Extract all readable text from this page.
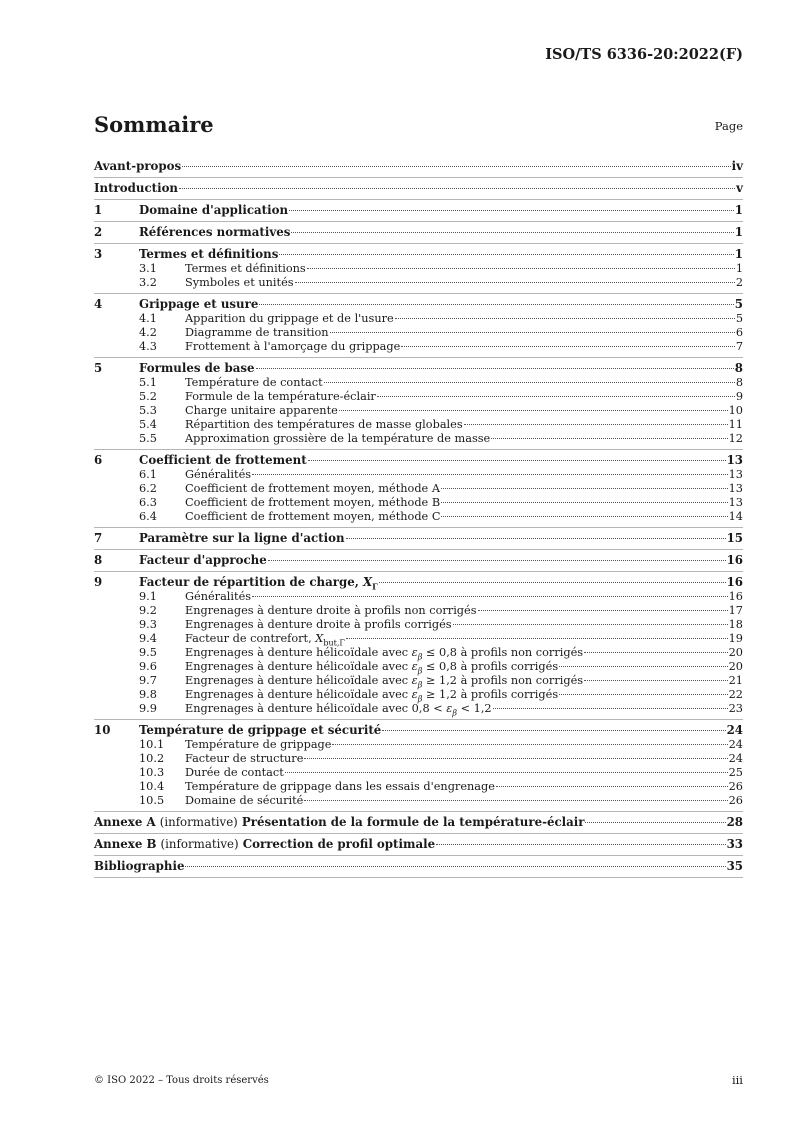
ISO/TS 6336-20:2022(F)
Sommaire	Page
Avant-propos	iv
Introduction	v
1	Domaine d'application	1
2	Références normatives	1
3	Termes et définitions	1
3.1	Termes et définitions	1
3.2	Symboles et unités	2
4	Grippage et usure	5
4.1	Apparition du grippage et de l'usure	5
4.2	Diagramme de transition	6
4.3	Frottement à l'amorçage du grippage	7
5	Formules de base	8
5.1	Température de contact	8
5.2	Formule de la température-éclair	9
5.3	Charge unitaire apparente	10
5.4	Répartition des températures de masse globales	11
5.5	Approximation grossière de la température de masse	12
6	Coefficient de frottement	13
6.1	Généralités	13
6.2	Coefficient de frottement moyen, méthode A	13
6.3	Coefficient de frottement moyen, méthode B	13
6.4	Coefficient de frottement moyen, méthode C	14
7	Paramètre sur la ligne d'action	15
8	Facteur d'approche	16
9	Facteur de répartition de charge, $X_\Gamma$	16
9.1	Généralités	16
9.2	Engrenages à denture droite à profils non corrigés	17
9.3	Engrenages à denture droite à profils corrigés	18
9.4	Facteur de contrefort, $X_{but,\Gamma}$	19
9.5	Engrenages à denture hélicoïdale avec $\varepsilon_\beta \le 0,8$ à profils non corrigés	20
9.6	Engrenages à denture hélicoïdale avec $\varepsilon_\beta \le 0,8$ à profils corrigés	20
9.7	Engrenages à denture hélicoïdale avec $\varepsilon_\beta \ge 1,2$ à profils non corrigés	21
9.8	Engrenages à denture hélicoïdale avec $\varepsilon_\beta \ge 1,2$ à profils corrigés	22
9.9	Engrenages à denture hélicoïdale avec $0,8 < \varepsilon_\beta < 1,2$	23
10	Température de grippage et sécurité	24
10.1	Température de grippage	24
10.2	Facteur de structure	24
10.3	Durée de contact	25
10.4	Température de grippage dans les essais d'engrenage	26
10.5	Domaine de sécurité	26
Annexe A (informative) Présentation de la formule de la température-éclair	28
Annexe B (informative) Correction de profil optimale	33
Bibliographie	35
© ISO 2022 – Tous droits réservés	iii
